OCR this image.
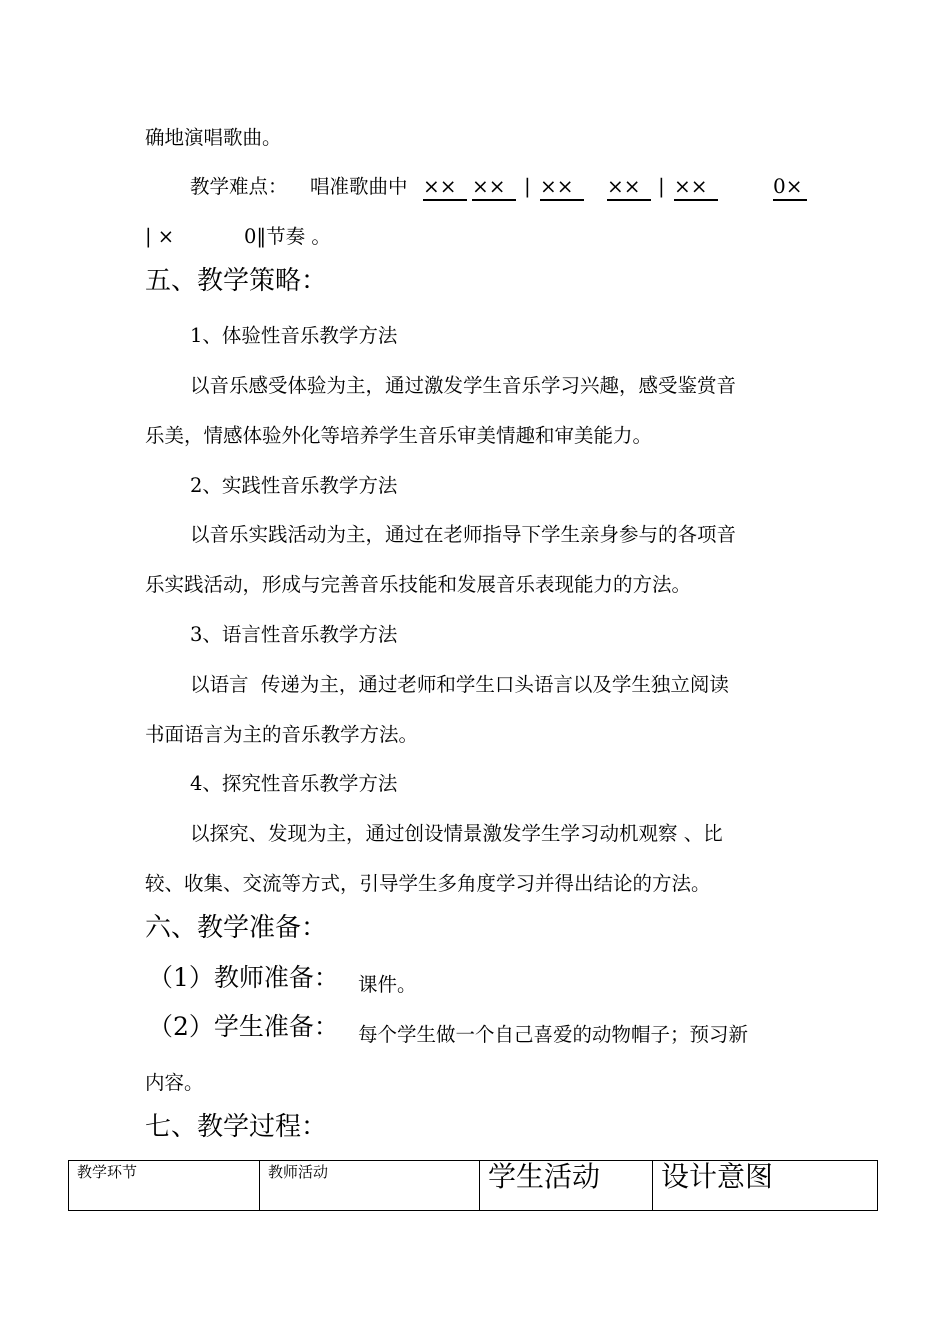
确地演唱歌曲。
教学难点： 唱准歌曲中 ×× ×× | ×× ×× | ××	0×
| ×	0‖节奏 。
五、教学策略：
1、体验性音乐教学方法
以音乐感受体验为主，通过激发学生音乐学习兴趣，感受鉴赏音
乐美，情感体验外化等培养学生音乐审美情趣和审美能力。
2、实践性音乐教学方法
以音乐实践活动为主，通过在老师指导下学生亲身参与的各项音
乐实践活动，形成与完善音乐技能和发展音乐表现能力的方法。
3、语言性音乐教学方法
以语言  传递为主，通过老师和学生口头语言以及学生独立阅读
书面语言为主的音乐教学方法。
4、探究性音乐教学方法
以探究、发现为主，通过创设情景激发学生学习动机观察 、比
较、收集、交流等方式，引导学生多角度学习并得出结论的方法。
六、教学准备：
（1）教师准备： 课件。
（2）学生准备： 每个学生做一个自己喜爱的动物帽子；预习新
内容。
七、教学过程：
教学环节	教师活动	学生活动	设计意图
